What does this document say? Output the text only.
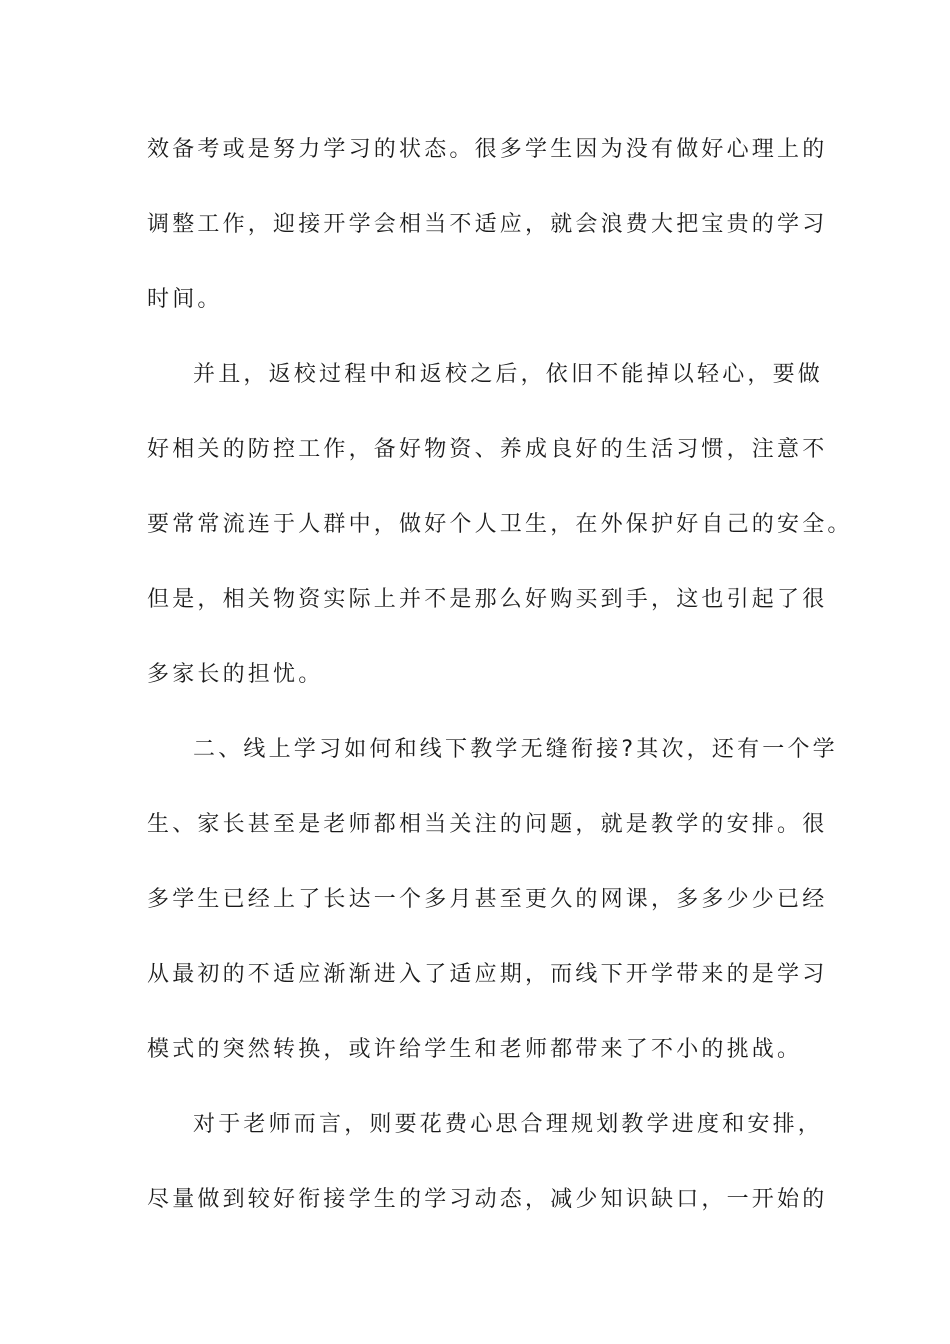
效备考或是努力学习的状态。很多学生因为没有做好心理上的
调整工作，迎接开学会相当不适应，就会浪费大把宝贵的学习
时间。
并且，返校过程中和返校之后，依旧不能掉以轻心，要做
好相关的防控工作，备好物资、养成良好的生活习惯，注意不
要常常流连于人群中，做好个人卫生，在外保护好自己的安全。
但是，相关物资实际上并不是那么好购买到手，这也引起了很
多家长的担忧。
二、线上学习如何和线下教学无缝衔接?其次，还有一个学
生、家长甚至是老师都相当关注的问题，就是教学的安排。很
多学生已经上了长达一个多月甚至更久的网课，多多少少已经
从最初的不适应渐渐进入了适应期，而线下开学带来的是学习
模式的突然转换，或许给学生和老师都带来了不小的挑战。
对于老师而言，则要花费心思合理规划教学进度和安排，
尽量做到较好衔接学生的学习动态，减少知识缺口，一开始的
